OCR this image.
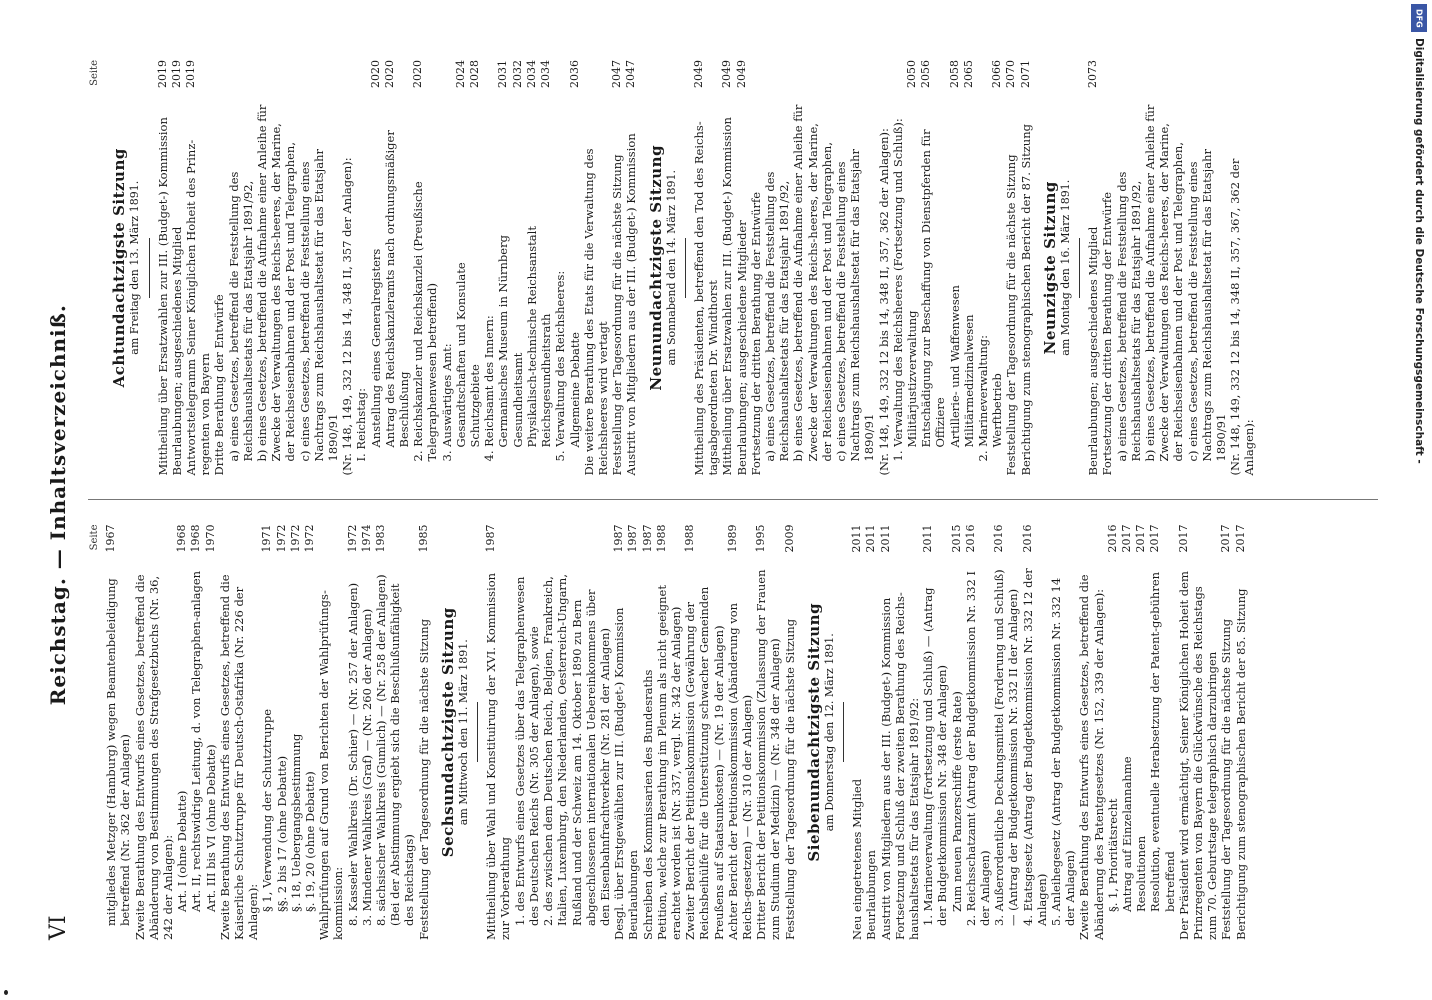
VI
Reichstag. — Inhaltsverzeichniß. Seite
mitgliedes Metzger (Hamburg) wegen Beamtenbeleidigung betreffend (Nr. 362 der Anlagen)
1967
Zweite Berathung des Entwurfs eines Gesetzes, betreffend die Abänderung von Bestimmungen des Strafgesetzbuchs (Nr. 36, 242 der Anlagen): Art. I (ohne Debatte)
1968
Art. II, rechtswidrige Leitung, d. von Telegraphen-anlagen
1968
Art. III bis VI (ohne Debatte)
1970
Zweite Berathung des Entwurfs eines Gesetzes, betreffend die Kaiserliche Schutztruppe für Deutsch-Ostafrika (Nr. 226 der Anlagen): § 1, Verwendung der Schutztruppe
1971
§§. 2 bis 17 (ohne Debatte)
1972
§. 18, Uebergangsbestimmung
1972
§. 19, 20 (ohne Debatte)
1972
Wahlprüfungen auf Grund von Berichten der Wahlprüfungs-kommission: 8. Kasseler Wahlkreis (Dr. Schier) — (Nr. 257 der Anlagen)
1972
3. Mindener Wahlkreis (Graf) — (Nr. 260 der Anlagen)
1974
8. sächsischer Wahlkreis (Gumlich) — (Nr. 258 der Anlagen)
1983
(Bei der Abstimmung ergiebt sich die Beschlußunfähigkeit des Reichstags) Feststellung der Tagesordnung für die nächste Sitzung
1985
Sechsundachtzigste Sitzung am Mittwoch den 11. März 1891. Mittheilung über Wahl und Konstituirung der XVI. Kommission zur Vorberathung
1987
1. des Entwurfs eines Gesetzes über das Telegraphenwesen des Deutschen Reichs (Nr. 305 der Anlagen), sowie 2. des zwischen dem Deutschen Reich, Belgien, Frankreich, Italien, Luxemburg, den Niederlanden, Oesterreich-Ungarn, Rußland und der Schweiz am 14. Oktober 1890 zu Bern abgeschlossenen internationalen Uebereinkommens über den Eisenbahnfrachtverkehr (Nr. 281 der Anlagen) Desgl. über Erstgewählten zur III. (Budget-) Kommission
1987
Beurlaubungen
1987
Schreiben des Kommissarien des Bundesraths
1987
Petition, welche zur Berathung im Plenum als nicht geeignet erachtet worden ist (Nr. 337, vergl. Nr. 342 der Anlagen)
1988
Zweiter Bericht der Petitionskommission (Gewährung der Reichsbeihülfe für die Unterstützung schwacher Gemeinden Preußens auf Staatsunkosten) — (Nr. 19 der Anlagen)
1988
Achter Bericht der Petitionskommission (Abänderung von Reichs-gesetzen) — (Nr. 310 der Anlagen)
1989
Dritter Bericht der Petitionskommission (Zulassung der Frauen zum Studium der Medizin) — (Nr. 348 der Anlagen)
1995
Feststellung der Tagesordnung für die nächste Sitzung
2009
Siebenundachtzigste Sitzung am Donnerstag den 12. März 1891.
Neu eingetretenes Mitglied
2011
Beurlaubungen
2011
Austritt von Mitgliedern aus der III. (Budget-) Kommission
2011
Fortsetzung und Schluß der zweiten Berathung des Reichs-haushaltsetats für das Etatsjahr 1891/92: 1. Marineverwaltung (Fortsetzung und Schluß) — (Antrag der Budgetkommission Nr. 348 der Anlagen)
2011
Zum neuen Panzerschiffe (erste Rate)
2015
2. Reichsschatzamt (Antrag der Budgetkommission Nr. 332 I der Anlagen)
2016
3. Außerordentliche Deckungsmittel (Forderung und Schluß) — (Antrag der Budgetkommission Nr. 332 II der Anlagen)
2016
4. Etatsgesetz (Antrag der Budgetkommission Nr. 332 12 der Anlagen)
2016
5. Anleihegesetz (Antrag der Budgetkommission Nr. 332 14 der Anlagen) Zweite Berathung des Entwurfs eines Gesetzes, betreffend die Abänderung des Patentgesetzes (Nr. 152, 339 der Anlagen): §. 1, Prioritätsrecht
2016
Antrag auf Einzelannahme
2017
Resolutionen
2017
Resolution, eventuelle Herabsetzung der Patent-gebühren betreffend
2017
Der Präsident wird ermächtigt, Seiner Königlichen Hoheit dem Prinzregenten von Bayern die Glückwünsche des Reichstags zum 70. Geburtstage telegraphisch darzubringen
2017
Feststellung der Tagesordnung für die nächste Sitzung
2017
Berichtigung zum stenographischen Bericht der 85. Sitzung
2017
Seite
Achtundachtzigste Sitzung am Freitag den 13. März 1891. Mittheilung über Ersatzwahlen zur III. (Budget-) Kommission
2019
Beurlaubungen; ausgeschiedenes Mitglied
2019
Antwortstelegramm Seiner Königlichen Hoheit des Prinz-regenten von Bayern
2019
Dritte Berathung der Entwürfe a) eines Gesetzes, betreffend die Feststellung des Reichshaushaltsetats für das Etatsjahr 1891/92, b) eines Gesetzes, betreffend die Aufnahme einer Anleihe für Zwecke der Verwaltungen des Reichs-heeres, der Marine, der Reichseisenbahnen und der Post und Telegraphen, c) eines Gesetzes, betreffend die Feststellung eines Nachtrags zum Reichshaushaltsetat für das Etatsjahr 1890/91 (Nr. 148, 149, 332 12 bis 14, 348 II, 357 der Anlagen): I. Reichstag: Anstellung eines Generalregisters
2020
Antrag des Reichskanzleramts nach ordnungsmäßiger Beschlußung
2020
2. Reichskanzler und Reichskanzlei (Preußische Telegraphenwesen betreffend)
2020
3. Auswärtiges Amt: Gesandtschaften und Konsulate
2024
Schutzgebiete
2028
4. Reichsamt des Innern: Germanisches Museum in Nürnberg
2031
Gesundheitsamt
2032
Physikalisch-technische Reichsanstalt
2034
Reichsgesundheitsrath
2034
5. Verwaltung des Reichsheeres: Allgemeine Debatte
2036
Die weitere Berathung des Etats für die Verwaltung des Reichsheeres wird vertagt Feststellung der Tagesordnung für die nächste Sitzung
2047
Austritt von Mitgliedern aus der III. (Budget-) Kommission
2047
Neunundachtzigste Sitzung am Sonnabend den 14. März 1891. Mittheilung des Präsidenten, betreffend den Tod des Reichs-tagsabgeordneten Dr. Windthorst
2049
Mittheilung über Ersatzwahlen zur III. (Budget-) Kommission
2049
Beurlaubungen; ausgeschiedene Mitglieder
2049
Fortsetzung der dritten Berathung der Entwürfe a) eines Gesetzes, betreffend die Feststellung des Reichshaushaltsetats für das Etatsjahr 1891/92, b) eines Gesetzes, betreffend die Aufnahme einer Anleihe für Zwecke der Verwaltungen des Reichs-heeres, der Marine, der Reichseisenbahnen und der Post und Telegraphen, c) eines Gesetzes, betreffend die Feststellung eines Nachtrags zum Reichshaushaltsetat für das Etatsjahr 1890/91 (Nr. 148, 149, 332 12 bis 14, 348 II, 357, 362 der Anlagen): 1. Verwaltung des Reichsheeres (Fortsetzung und Schluß): Militärjustizverwaltung
2050
Entschädigung zur Beschaffung von Dienstpferden für Offiziere
2056
Artillerie- und Waffenwesen
2058
Militärmedizinalwesen
2065
2. Marineverwaltung: Werftbetrieb
2066
Feststellung der Tagesordnung für die nächste Sitzung
2070
Berichtigung zum stenographischen Bericht der 87. Sitzung
2071
Neunzigste Sitzung am Montag den 16. März 1891. Beurlaubungen; ausgeschiedenes Mitglied
2073
Fortsetzung der dritten Berathung der Entwürfe a) eines Gesetzes, betreffend die Feststellung des Reichshaushaltsetats für das Etatsjahr 1891/92, b) eines Gesetzes, betreffend die Aufnahme einer Anleihe für Zwecke der Verwaltungen des Reichs-heeres, der Marine, der Reichseisenbahnen und der Post und Telegraphen, c) eines Gesetzes, betreffend die Feststellung eines Nachtrags zum Reichshaushaltsetat für das Etatsjahr 1890/91 (Nr. 148, 149, 332 12 bis 14, 348 II, 357, 367, 362 der Anlagen):	Digitalisierung gefördert durch die Deutsche Forschungsgemeinschaft -
DFG
